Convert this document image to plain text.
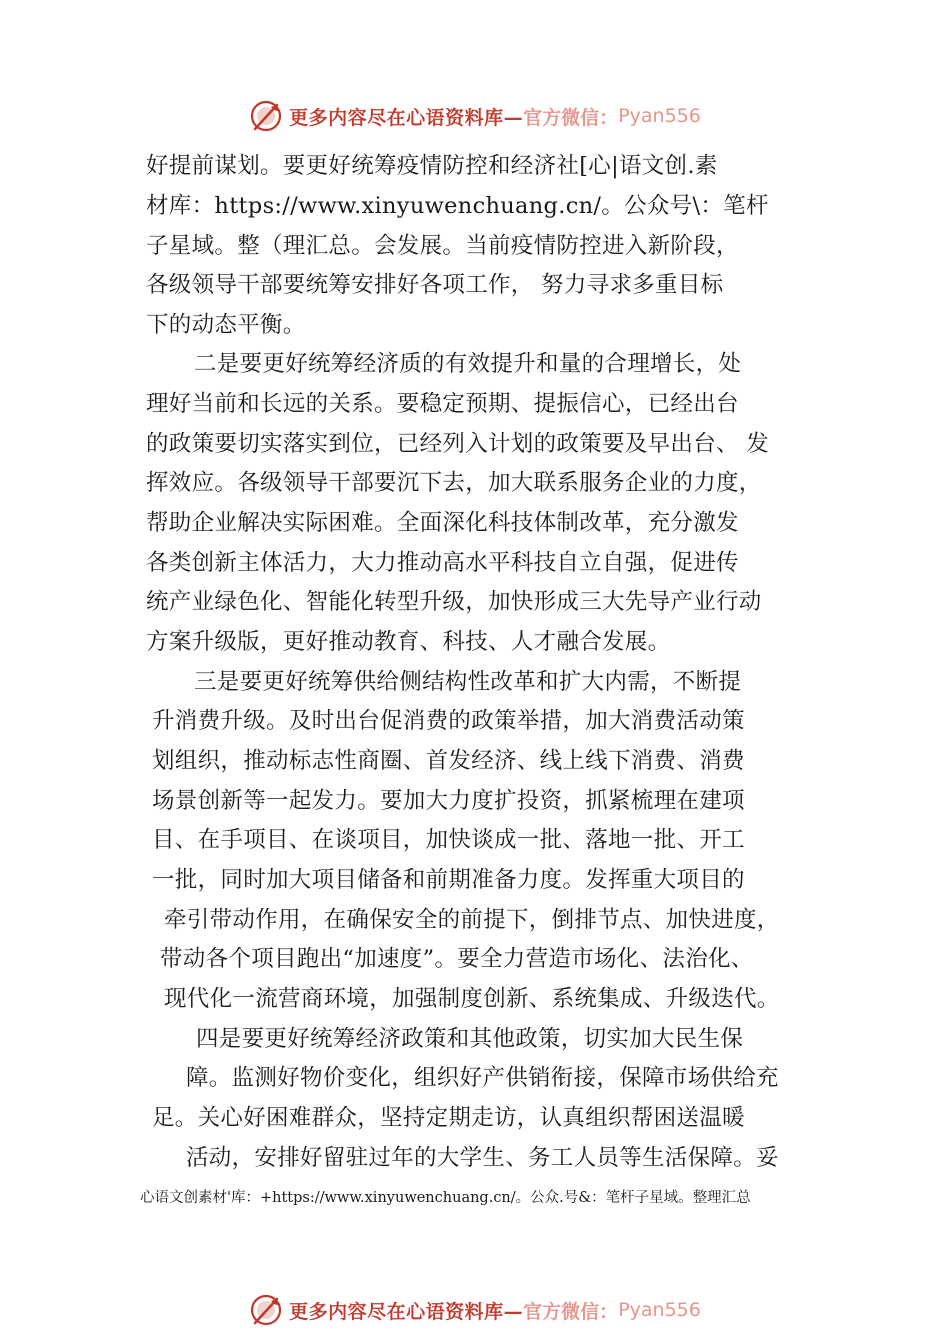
更多内容尽在心语资料库— 官方微信： Pyan556
好提前谋划。要更好统筹疫情防控和经济社[心|语文创.素
材库：https://www.xinyuwenchuang.cn/。公众号\：笔杆
子星域。整（理汇总。会发展。当前疫情防控进入新阶段，
各级领导干部要统筹安排好各项工作， 努力寻求多重目标
下的动态平衡。
二是要更好统筹经济质的有效提升和量的合理增长，处
理好当前和长远的关系。要稳定预期、提振信心，已经出台
的政策要切实落实到位，已经列入计划的政策要及早出台、 发
挥效应。各级领导干部要沉下去，加大联系服务企业的力度，
帮助企业解决实际困难。全面深化科技体制改革，充分激发
各类创新主体活力，大力推动高水平科技自立自强，促进传
统产业绿色化、智能化转型升级，加快形成三大先导产业行动
方案升级版，更好推动教育、科技、人才融合发展。
三是要更好统筹供给侧结构性改革和扩大内需，不断提
升消费升级。及时出台促消费的政策举措，加大消费活动策
划组织，推动标志性商圈、首发经济、线上线下消费、消费
场景创新等一起发力。要加大力度扩投资，抓紧梳理在建项
目、在手项目、在谈项目，加快谈成一批、落地一批、开工
一批，同时加大项目储备和前期准备力度。发挥重大项目的
牵引带动作用，在确保安全的前提下，倒排节点、加快进度，
带动各个项目跑出“加速度”。要全力营造市场化、法治化、
现代化一流营商环境，加强制度创新、系统集成、升级迭代。
四是要更好统筹经济政策和其他政策，切实加大民生保
障。监测好物价变化，组织好产供销衔接，保障市场供给充
足。关心好困难群众，坚持定期走访，认真组织帮困送温暖
活动，安排好留驻过年的大学生、务工人员等生活保障。妥
心语文创素材'库：+https://www.xinyuwenchuang.cn/。公众.号&：笔杆子星域。整理汇总
更多内容尽在心语资料库— 官方微信： Pyan556
